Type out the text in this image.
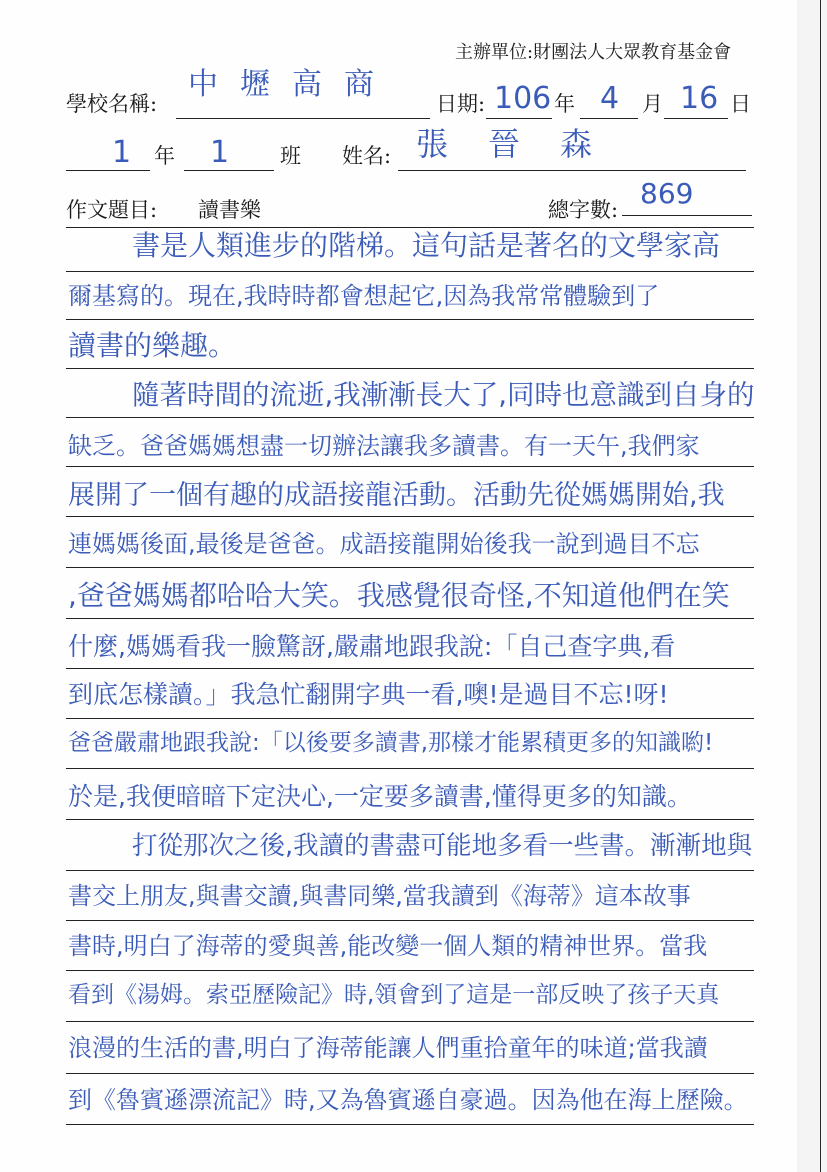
主辦單位:財團法人大眾教育基金會
學校名稱:
中壢高商
日期: 106 年 4 月 16 日
1 年 1 班 姓名: 張晉森
作文題目: 讀書樂	總字數: 869
書是人類進步的階梯。這句話是著名的文學家高
爾基寫的。現在,我時時都會想起它,因為我常常體驗到了
讀書的樂趣。
隨著時間的流逝,我漸漸長大了,同時也意識到自身的
缺乏。爸爸媽媽想盡一切辦法讓我多讀書。有一天午,我們家
展開了一個有趣的成語接龍活動。活動先從媽媽開始,我
連媽媽後面,最後是爸爸。成語接龍開始後我一說到過目不忘
,爸爸媽媽都哈哈大笑。我感覺很奇怪,不知道他們在笑
什麼,媽媽看我一臉驚訝,嚴肅地跟我說:「自己查字典,看
到底怎樣讀。」我急忙翻開字典一看,噢!是過目不忘!呀!
爸爸嚴肅地跟我說:「以後要多讀書,那樣才能累積更多的知識喲!
於是,我便暗暗下定決心,一定要多讀書,懂得更多的知識。
打從那次之後,我讀的書盡可能地多看一些書。漸漸地與
書交上朋友,與書交讀,與書同樂,當我讀到《海蒂》這本故事
書時,明白了海蒂的愛與善,能改變一個人類的精神世界。當我
看到《湯姆。索亞歷險記》時,領會到了這是一部反映了孩子天真
浪漫的生活的書,明白了海蒂能讓人們重拾童年的味道;當我讀
到《魯賓遜漂流記》時,又為魯賓遜自豪過。因為他在海上歷險。
